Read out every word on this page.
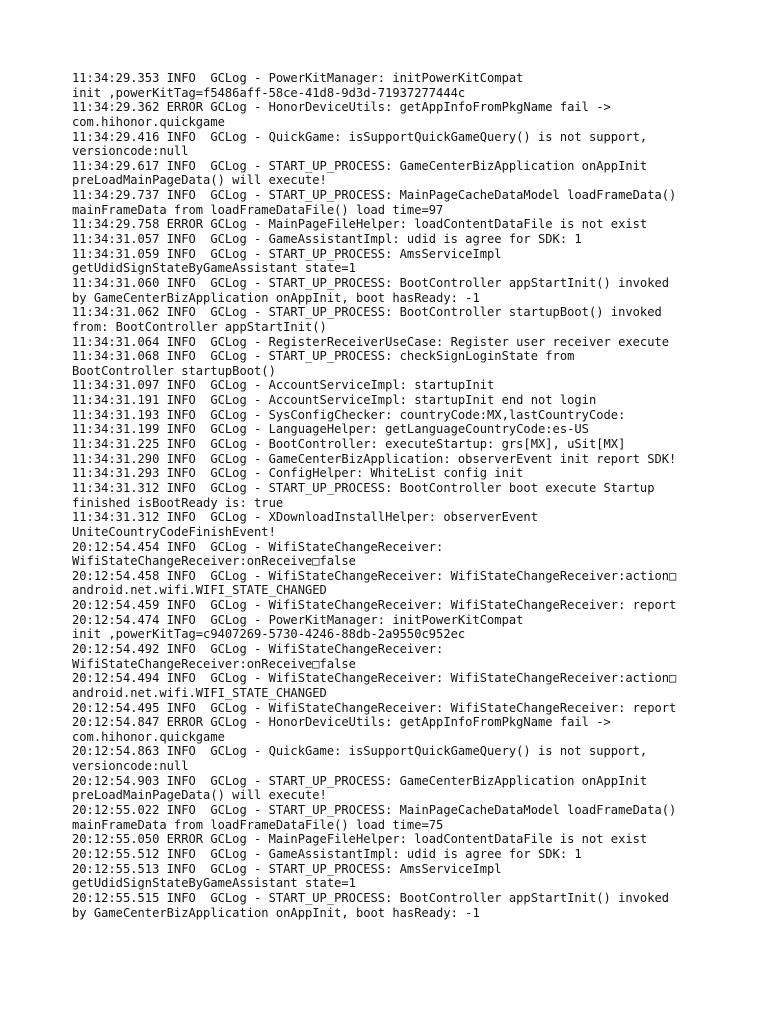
11:34:29.353 INFO  GCLog - PowerKitManager: initPowerKitCompat
init ,powerKitTag=f5486aff-58ce-41d8-9d3d-71937277444c
11:34:29.362 ERROR GCLog - HonorDeviceUtils: getAppInfoFromPkgName fail ->
com.hihonor.quickgame
11:34:29.416 INFO  GCLog - QuickGame: isSupportQuickGameQuery() is not support,
versioncode:null
11:34:29.617 INFO  GCLog - START_UP_PROCESS: GameCenterBizApplication onAppInit
preLoadMainPageData() will execute!
11:34:29.737 INFO  GCLog - START_UP_PROCESS: MainPageCacheDataModel loadFrameData()
mainFrameData from loadFrameDataFile() load time=97
11:34:29.758 ERROR GCLog - MainPageFileHelper: loadContentDataFile is not exist
11:34:31.057 INFO  GCLog - GameAssistantImpl: udid is agree for SDK: 1
11:34:31.059 INFO  GCLog - START_UP_PROCESS: AmsServiceImpl
getUdidSignStateByGameAssistant state=1
11:34:31.060 INFO  GCLog - START_UP_PROCESS: BootController appStartInit() invoked
by GameCenterBizApplication onAppInit, boot hasReady: -1
11:34:31.062 INFO  GCLog - START_UP_PROCESS: BootController startupBoot() invoked
from: BootController appStartInit()
11:34:31.064 INFO  GCLog - RegisterReceiverUseCase: Register user receiver execute
11:34:31.068 INFO  GCLog - START_UP_PROCESS: checkSignLoginState from
BootController startupBoot()
11:34:31.097 INFO  GCLog - AccountServiceImpl: startupInit
11:34:31.191 INFO  GCLog - AccountServiceImpl: startupInit end not login
11:34:31.193 INFO  GCLog - SysConfigChecker: countryCode:MX,lastCountryCode:
11:34:31.199 INFO  GCLog - LanguageHelper: getLanguageCountryCode:es-US
11:34:31.225 INFO  GCLog - BootController: executeStartup: grs[MX], uSit[MX]
11:34:31.290 INFO  GCLog - GameCenterBizApplication: observerEvent init report SDK!
11:34:31.293 INFO  GCLog - ConfigHelper: WhiteList config init
11:34:31.312 INFO  GCLog - START_UP_PROCESS: BootController boot execute Startup
finished isBootReady is: true
11:34:31.312 INFO  GCLog - XDownloadInstallHelper: observerEvent
UniteCountryCodeFinishEvent!
20:12:54.454 INFO  GCLog - WifiStateChangeReceiver:
WifiStateChangeReceiver:onReceive□false
20:12:54.458 INFO  GCLog - WifiStateChangeReceiver: WifiStateChangeReceiver:action□
android.net.wifi.WIFI_STATE_CHANGED
20:12:54.459 INFO  GCLog - WifiStateChangeReceiver: WifiStateChangeReceiver: report
20:12:54.474 INFO  GCLog - PowerKitManager: initPowerKitCompat
init ,powerKitTag=c9407269-5730-4246-88db-2a9550c952ec
20:12:54.492 INFO  GCLog - WifiStateChangeReceiver:
WifiStateChangeReceiver:onReceive□false
20:12:54.494 INFO  GCLog - WifiStateChangeReceiver: WifiStateChangeReceiver:action□
android.net.wifi.WIFI_STATE_CHANGED
20:12:54.495 INFO  GCLog - WifiStateChangeReceiver: WifiStateChangeReceiver: report
20:12:54.847 ERROR GCLog - HonorDeviceUtils: getAppInfoFromPkgName fail ->
com.hihonor.quickgame
20:12:54.863 INFO  GCLog - QuickGame: isSupportQuickGameQuery() is not support,
versioncode:null
20:12:54.903 INFO  GCLog - START_UP_PROCESS: GameCenterBizApplication onAppInit
preLoadMainPageData() will execute!
20:12:55.022 INFO  GCLog - START_UP_PROCESS: MainPageCacheDataModel loadFrameData()
mainFrameData from loadFrameDataFile() load time=75
20:12:55.050 ERROR GCLog - MainPageFileHelper: loadContentDataFile is not exist
20:12:55.512 INFO  GCLog - GameAssistantImpl: udid is agree for SDK: 1
20:12:55.513 INFO  GCLog - START_UP_PROCESS: AmsServiceImpl
getUdidSignStateByGameAssistant state=1
20:12:55.515 INFO  GCLog - START_UP_PROCESS: BootController appStartInit() invoked
by GameCenterBizApplication onAppInit, boot hasReady: -1
